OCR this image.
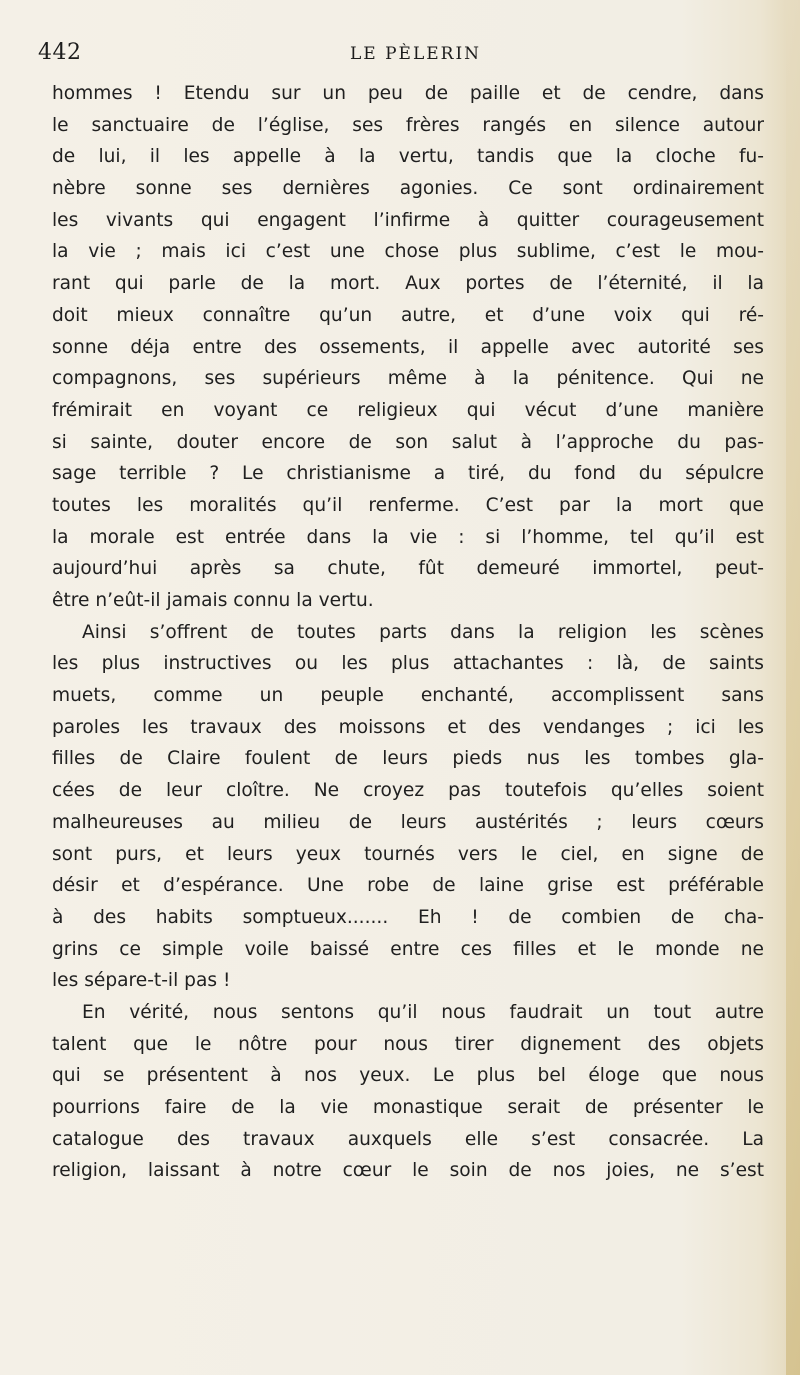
442	LE PÈLERIN
hommes ! Etendu sur un peu de paille et de cendre, dans
le sanctuaire de l’église, ses frères rangés en silence autour
de lui, il les appelle à la vertu, tandis que la cloche fu-
nèbre sonne ses dernières agonies. Ce sont ordinairement
les vivants qui engagent l’infirme à quitter courageusement
la vie ; mais ici c’est une chose plus sublime, c’est le mou-
rant qui parle de la mort. Aux portes de l’éternité, il la
doit mieux connaître qu’un autre, et d’une voix qui ré-
sonne déja entre des ossements, il appelle avec autorité ses
compagnons, ses supérieurs même à la pénitence. Qui ne
frémirait en voyant ce religieux qui vécut d’une manière
si sainte, douter encore de son salut à l’approche du pas-
sage terrible ? Le christianisme a tiré, du fond du sépulcre
toutes les moralités qu’il renferme. C’est par la mort que
la morale est entrée dans la vie : si l’homme, tel qu’il est
aujourd’hui après sa chute, fût demeuré immortel, peut-
être n’eût-il jamais connu la vertu.
Ainsi s’offrent de toutes parts dans la religion les scènes
les plus instructives ou les plus attachantes : là, de saints
muets, comme un peuple enchanté, accomplissent sans
paroles les travaux des moissons et des vendanges ; ici les
filles de Claire foulent de leurs pieds nus les tombes gla-
cées de leur cloître. Ne croyez pas toutefois qu’elles soient
malheureuses au milieu de leurs austérités ; leurs cœurs
sont purs, et leurs yeux tournés vers le ciel, en signe de
désir et d’espérance. Une robe de laine grise est préférable
à des habits somptueux....... Eh ! de combien de cha-
grins ce simple voile baissé entre ces filles et le monde ne
les sépare-t-il pas !
En vérité, nous sentons qu’il nous faudrait un tout autre
talent que le nôtre pour nous tirer dignement des objets
qui se présentent à nos yeux. Le plus bel éloge que nous
pourrions faire de la vie monastique serait de présenter le
catalogue des travaux auxquels elle s’est consacrée. La
religion, laissant à notre cœur le soin de nos joies, ne s’est
